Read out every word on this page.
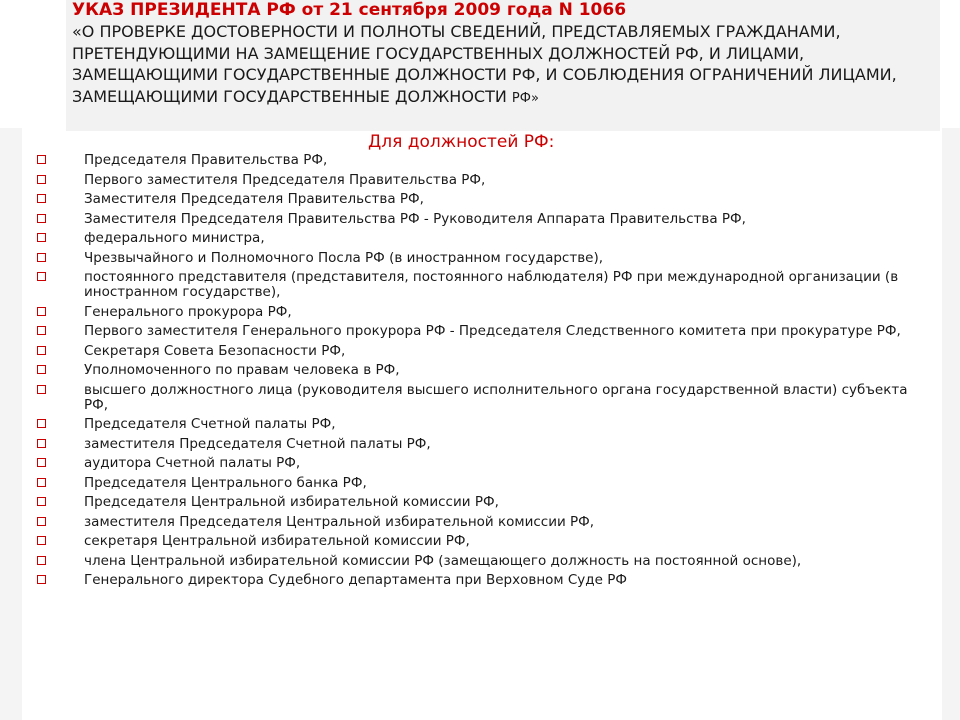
УКАЗ ПРЕЗИДЕНТА РФ от 21 сентября 2009 года N 1066
«О ПРОВЕРКЕ ДОСТОВЕРНОСТИ И ПОЛНОТЫ СВЕДЕНИЙ, ПРЕДСТАВЛЯЕМЫХ ГРАЖДАНАМИ, ПРЕТЕНДУЮЩИМИ НА ЗАМЕЩЕНИЕ ГОСУДАРСТВЕННЫХ ДОЛЖНОСТЕЙ РФ, И ЛИЦАМИ, ЗАМЕЩАЮЩИМИ ГОСУДАРСТВЕННЫЕ ДОЛЖНОСТИ РФ, И СОБЛЮДЕНИЯ ОГРАНИЧЕНИЙ ЛИЦАМИ, ЗАМЕЩАЮЩИМИ ГОСУДАРСТВЕННЫЕ ДОЛЖНОСТИ РФ»
Для должностей РФ:
Председателя Правительства РФ,
Первого заместителя Председателя Правительства РФ,
Заместителя Председателя Правительства РФ,
Заместителя Председателя Правительства РФ - Руководителя Аппарата Правительства РФ,
федерального министра,
Чрезвычайного и Полномочного Посла РФ (в иностранном государстве),
постоянного представителя (представителя, постоянного наблюдателя) РФ при международной организации (в иностранном государстве),
Генерального прокурора РФ,
Первого заместителя Генерального прокурора РФ - Председателя Следственного комитета при прокуратуре РФ,
Секретаря Совета Безопасности РФ,
Уполномоченного по правам человека в РФ,
высшего должностного лица (руководителя высшего исполнительного органа государственной власти) субъекта РФ,
Председателя Счетной палаты РФ,
заместителя Председателя Счетной палаты РФ,
аудитора Счетной палаты РФ,
Председателя Центрального банка РФ,
Председателя Центральной избирательной комиссии РФ,
заместителя Председателя Центральной избирательной комиссии РФ,
секретаря Центральной избирательной комиссии РФ,
члена Центральной избирательной комиссии РФ (замещающего должность на постоянной основе),
Генерального директора Судебного департамента при Верховном Суде РФ
